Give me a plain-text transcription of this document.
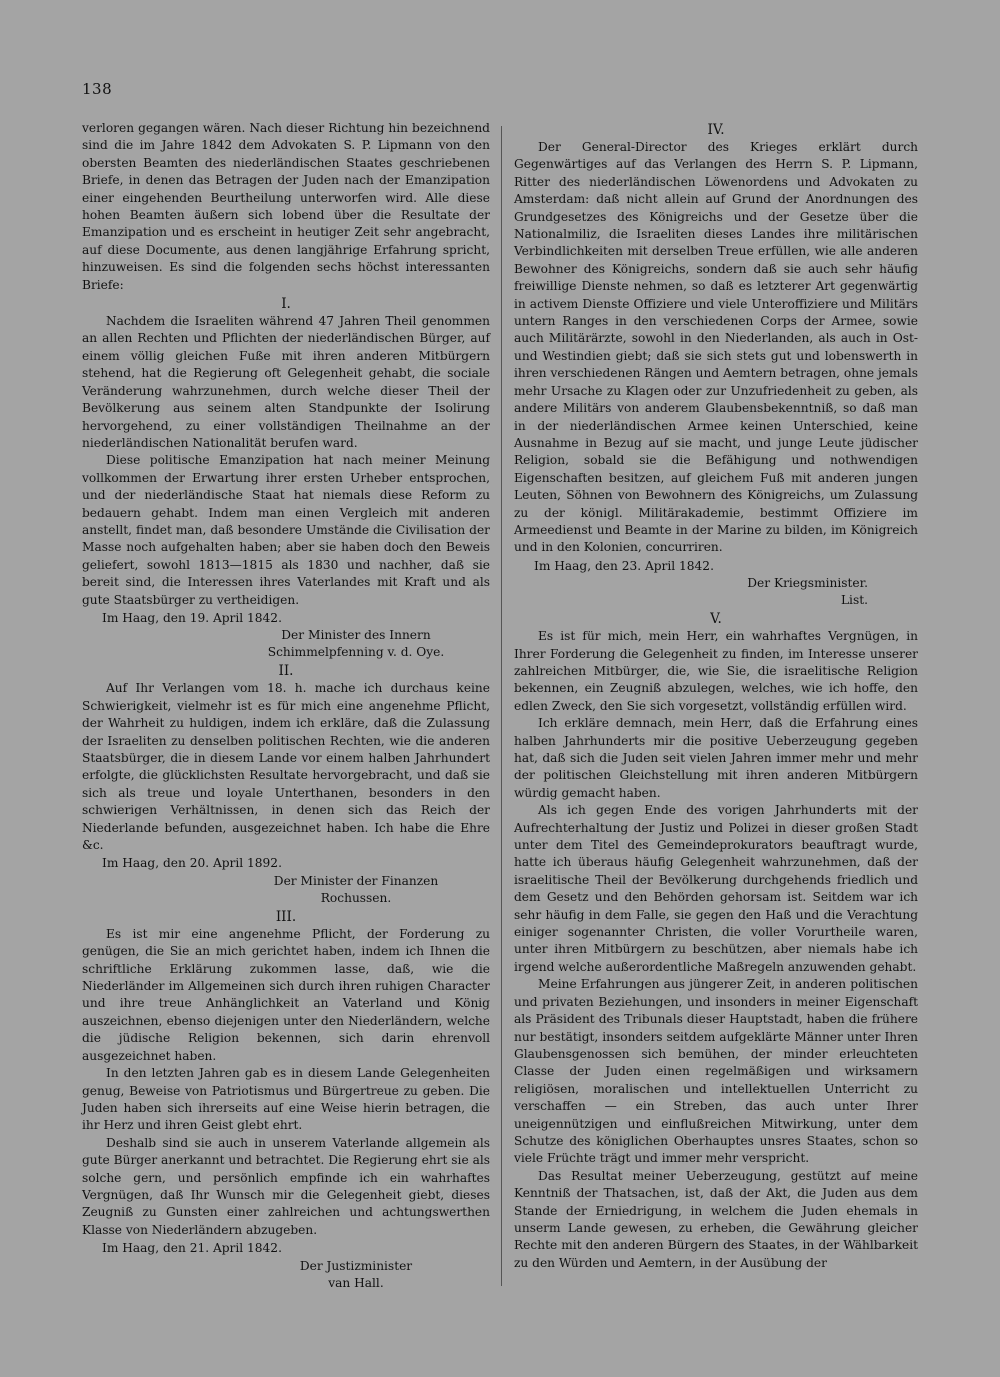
138

verloren gegangen wären. Nach dieser Richtung hin bezeichnend sind die im Jahre 1842 dem Advokaten S. P. Lipmann von den obersten Beamten des niederländischen Staates geschriebenen Briefe, in denen das Betragen der Juden nach der Emanzipation einer eingehenden Beurtheilung unterworfen wird. Alle diese hohen Beamten äußern sich lobend über die Resultate der Emanzipation und es erscheint in heutiger Zeit sehr angebracht, auf diese Documente, aus denen langjährige Erfahrung spricht, hinzuweisen. Es sind die folgenden sechs höchst interessanten Briefe:

I.

Nachdem die Israeliten während 47 Jahren Theil genommen an allen Rechten und Pflichten der niederländischen Bürger, auf einem völlig gleichen Fuße mit ihren anderen Mitbürgern stehend, hat die Regierung oft Gelegenheit gehabt, die sociale Veränderung wahrzunehmen, durch welche dieser Theil der Bevölkerung aus seinem alten Standpunkte der Isolirung hervorgehend, zu einer vollständigen Theilnahme an der niederländischen Nationalität berufen ward.

Diese politische Emanzipation hat nach meiner Meinung vollkommen der Erwartung ihrer ersten Urheber entsprochen, und der niederländische Staat hat niemals diese Reform zu bedauern gehabt. Indem man einen Vergleich mit anderen anstellt, findet man, daß besondere Umstände die Civilisation der Masse noch aufgehalten haben; aber sie haben doch den Beweis geliefert, sowohl 1813—1815 als 1830 und nachher, daß sie bereit sind, die Interessen ihres Vaterlandes mit Kraft und als gute Staatsbürger zu vertheidigen.

Im Haag, den 19. April 1842.

Der Minister des Innern
Schimmelpfenning v. d. Oye.
II.

Auf Ihr Verlangen vom 18. h. mache ich durchaus keine Schwierigkeit, vielmehr ist es für mich eine angenehme Pflicht, der Wahrheit zu huldigen, indem ich erkläre, daß die Zulassung der Israeliten zu denselben politischen Rechten, wie die anderen Staatsbürger, die in diesem Lande vor einem halben Jahrhundert erfolgte, die glücklichsten Resultate hervorgebracht, und daß sie sich als treue und loyale Unterthanen, besonders in den schwierigen Verhältnissen, in denen sich das Reich der Niederlande befunden, ausgezeichnet haben. Ich habe die Ehre &c.

Im Haag, den 20. April 1892.

Der Minister der Finanzen
Rochussen.
III.

Es ist mir eine angenehme Pflicht, der Forderung zu genügen, die Sie an mich gerichtet haben, indem ich Ihnen die schriftliche Erklärung zukommen lasse, daß, wie die Niederländer im Allgemeinen sich durch ihren ruhigen Character und ihre treue Anhänglichkeit an Vaterland und König auszeichnen, ebenso diejenigen unter den Niederländern, welche die jüdische Religion bekennen, sich darin ehrenvoll ausgezeichnet haben.

In den letzten Jahren gab es in diesem Lande Gelegenheiten genug, Beweise von Patriotismus und Bürgertreue zu geben. Die Juden haben sich ihrerseits auf eine Weise hierin betragen, die ihr Herz und ihren Geist glebt ehrt.

Deshalb sind sie auch in unserem Vaterlande allgemein als gute Bürger anerkannt und betrachtet. Die Regierung ehrt sie als solche gern, und persönlich empfinde ich ein wahrhaftes Vergnügen, daß Ihr Wunsch mir die Gelegenheit giebt, dieses Zeugniß zu Gunsten einer zahlreichen und achtungswerthen Klasse von Niederländern abzugeben.

Im Haag, den 21. April 1842.

Der Justizminister
van Hall.
IV.

Der General-Director des Krieges erklärt durch Gegenwärtiges auf das Verlangen des Herrn S. P. Lipmann, Ritter des niederländischen Löwenordens und Advokaten zu Amsterdam: daß nicht allein auf Grund der Anordnungen des Grundgesetzes des Königreichs und der Gesetze über die Nationalmiliz, die Israeliten dieses Landes ihre militärischen Verbindlichkeiten mit derselben Treue erfüllen, wie alle anderen Bewohner des Königreichs, sondern daß sie auch sehr häufig freiwillige Dienste nehmen, so daß es letzterer Art gegenwärtig in activem Dienste Offiziere und viele Unteroffiziere und Militärs untern Ranges in den verschiedenen Corps der Armee, sowie auch Militärärzte, sowohl in den Niederlanden, als auch in Ost- und Westindien giebt; daß sie sich stets gut und lobenswerth in ihren verschiedenen Rängen und Aemtern betragen, ohne jemals mehr Ursache zu Klagen oder zur Unzufriedenheit zu geben, als andere Militärs von anderem Glaubensbekenntniß, so daß man in der niederländischen Armee keinen Unterschied, keine Ausnahme in Bezug auf sie macht, und junge Leute jüdischer Religion, sobald sie die Befähigung und nothwendigen Eigenschaften besitzen, auf gleichem Fuß mit anderen jungen Leuten, Söhnen von Bewohnern des Königreichs, um Zulassung zu der königl. Militärakademie, bestimmt Offiziere im Armeedienst und Beamte in der Marine zu bilden, im Königreich und in den Kolonien, concurriren.

Im Haag, den 23. April 1842.

Der Kriegsminister.
List.
V.

Es ist für mich, mein Herr, ein wahrhaftes Vergnügen, in Ihrer Forderung die Gelegenheit zu finden, im Interesse unserer zahlreichen Mitbürger, die, wie Sie, die israelitische Religion bekennen, ein Zeugniß abzulegen, welches, wie ich hoffe, den edlen Zweck, den Sie sich vorgesetzt, vollständig erfüllen wird.

Ich erkläre demnach, mein Herr, daß die Erfahrung eines halben Jahrhunderts mir die positive Ueberzeugung gegeben hat, daß sich die Juden seit vielen Jahren immer mehr und mehr der politischen Gleichstellung mit ihren anderen Mitbürgern würdig gemacht haben.

Als ich gegen Ende des vorigen Jahrhunderts mit der Aufrechterhaltung der Justiz und Polizei in dieser großen Stadt unter dem Titel des Gemeindeprokurators beauftragt wurde, hatte ich überaus häufig Gelegenheit wahrzunehmen, daß der israelitische Theil der Bevölkerung durchgehends friedlich und dem Gesetz und den Behörden gehorsam ist. Seitdem war ich sehr häufig in dem Falle, sie gegen den Haß und die Verachtung einiger sogenannter Christen, die voller Vorurtheile waren, unter ihren Mitbürgern zu beschützen, aber niemals habe ich irgend welche außerordentliche Maßregeln anzuwenden gehabt.

Meine Erfahrungen aus jüngerer Zeit, in anderen politischen und privaten Beziehungen, und insonders in meiner Eigenschaft als Präsident des Tribunals dieser Hauptstadt, haben die frühere nur bestätigt, insonders seitdem aufgeklärte Männer unter Ihren Glaubensgenossen sich bemühen, der minder erleuchteten Classe der Juden einen regelmäßigen und wirksamern religiösen, moralischen und intellektuellen Unterricht zu verschaffen — ein Streben, das auch unter Ihrer uneigennützigen und einflußreichen Mitwirkung, unter dem Schutze des königlichen Oberhauptes unsres Staates, schon so viele Früchte trägt und immer mehr verspricht.

Das Resultat meiner Ueberzeugung, gestützt auf meine Kenntniß der Thatsachen, ist, daß der Akt, die Juden aus dem Stande der Erniedrigung, in welchem die Juden ehemals in unserm Lande gewesen, zu erheben, die Gewährung gleicher Rechte mit den anderen Bürgern des Staates, in der Wählbarkeit zu den Würden und Aemtern, in der Ausübung der
